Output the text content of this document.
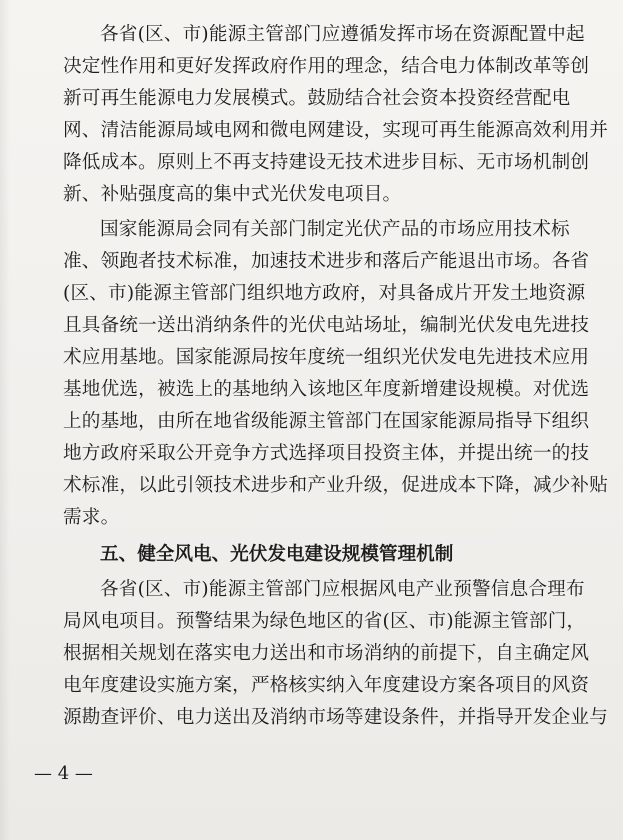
各省(区、市)能源主管部门应遵循发挥市场在资源配置中起
决定性作用和更好发挥政府作用的理念，结合电力体制改革等创
新可再生能源电力发展模式。鼓励结合社会资本投资经营配电
网、清洁能源局域电网和微电网建设，实现可再生能源高效利用并
降低成本。原则上不再支持建设无技术进步目标、无市场机制创
新、补贴强度高的集中式光伏发电项目。
国家能源局会同有关部门制定光伏产品的市场应用技术标
准、领跑者技术标准，加速技术进步和落后产能退出市场。各省
(区、市)能源主管部门组织地方政府，对具备成片开发土地资源
且具备统一送出消纳条件的光伏电站场址，编制光伏发电先进技
术应用基地。国家能源局按年度统一组织光伏发电先进技术应用
基地优选，被选上的基地纳入该地区年度新增建设规模。对优选
上的基地，由所在地省级能源主管部门在国家能源局指导下组织
地方政府采取公开竞争方式选择项目投资主体，并提出统一的技
术标准，以此引领技术进步和产业升级，促进成本下降，减少补贴
需求。
五、健全风电、光伏发电建设规模管理机制
各省(区、市)能源主管部门应根据风电产业预警信息合理布
局风电项目。预警结果为绿色地区的省(区、市)能源主管部门，
根据相关规划在落实电力送出和市场消纳的前提下，自主确定风
电年度建设实施方案，严格核实纳入年度建设方案各项目的风资
源勘查评价、电力送出及消纳市场等建设条件，并指导开发企业与
— 4 —
